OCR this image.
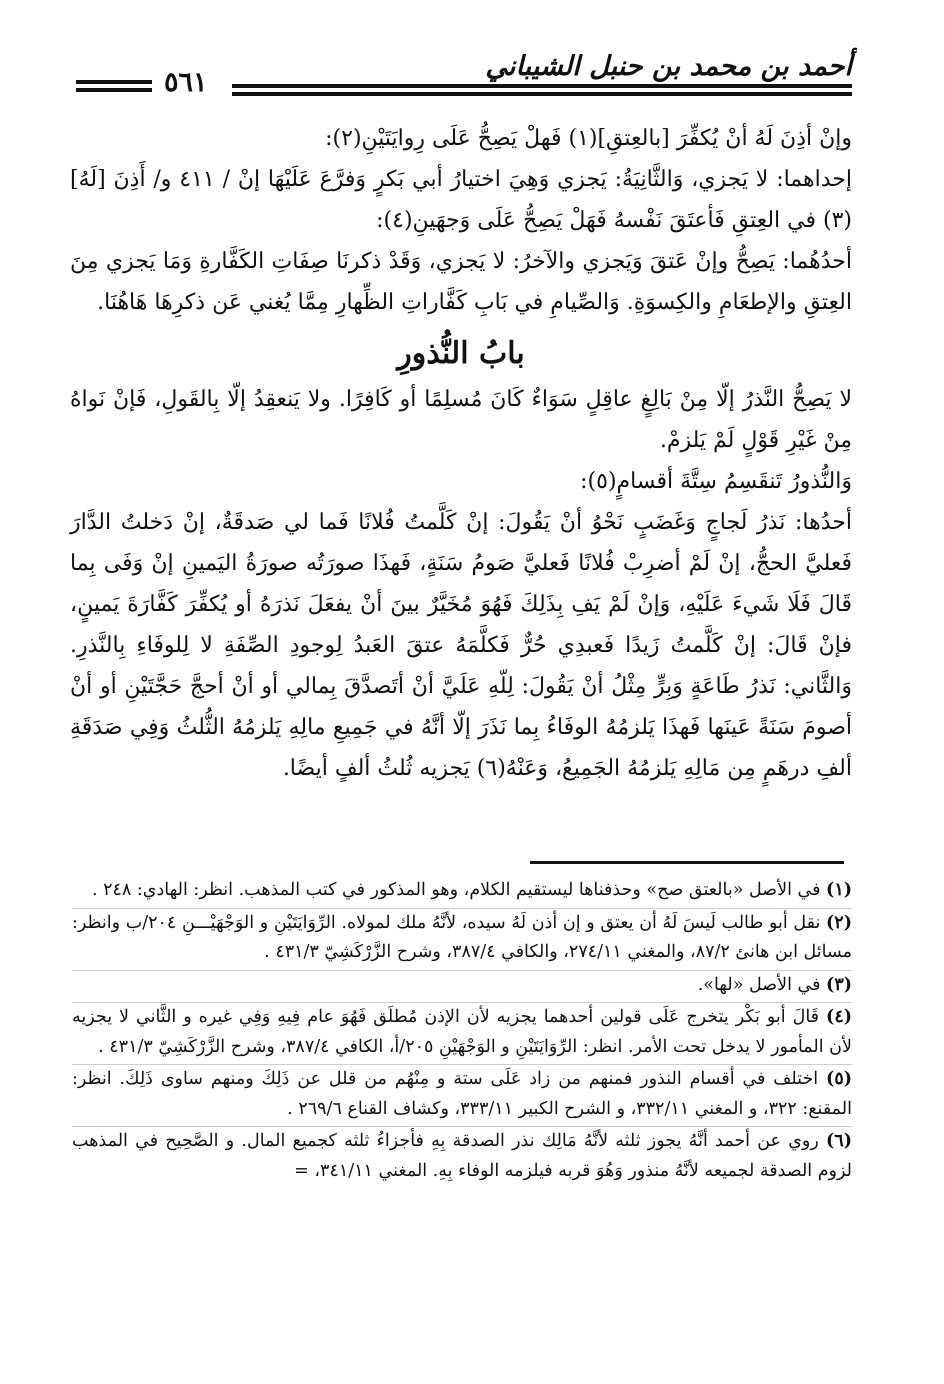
أحمد بن محمد بن حنبل الشيباني
٥٦١

وإنْ أذِنَ لَهُ أنْ يُكفِّرَ [بالعِتقِ](١) فَهلْ يَصِحُّ عَلَى رِوايَتَيْنِ(٢):

إحداهما: لا يَجزي، وَالثَّانِيَةُ: يَجزي وَهِيَ اختيارُ أبي بَكرٍ وَفرَّعَ عَلَيْهَا إنْ / ٤١١ و/ أَذِنَ [لَهُ](٣) في العِتقِ فَأعتَقَ نَفْسهُ فَهَلْ يَصِحُّ عَلَى وَجهَينِ(٤):

أحدُهُما: يَصِحُّ وإنْ عَتقَ وَيَجزي والآخرُ: لا يَجزي، وَقَدْ ذكرنَا صِفَاتِ الكَفَّارةِ وَمَا يَجزي مِنَ العِتقِ والإطعَامِ والكِسوَةِ. وَالصِّيامِ في بَابِ كَفَّاراتِ الظِّهارِ مِمَّا يُغني عَن ذكرِهَا هَاهُنَا.

بابُ النُّذورِ

لا يَصِحُّ النَّذرُ إلّا مِنْ بَالِغٍ عاقِلٍ سَوَاءٌ كَانَ مُسلِمًا أو كَافِرًا. ولا يَنعقِدُ إلّا بِالقَولِ، فَإنْ نَواهُ مِنْ غَيْرِ قَوْلٍ لَمْ يَلزمْ.

وَالنُّذورُ تَنقَسِمُ سِتَّةَ أقسامٍ(٥):

أحدُها: نَذرُ لَجاجٍ وَغَضَبٍ نَحْوُ أنْ يَقُولَ: إنْ كَلَّمتُ فُلانًا فَما لي صَدقَةٌ، إنْ دَخلتُ الدَّارَ فَعليَّ الحجُّ، إنْ لَمْ أضرِبْ فُلانًا فَعليَّ صَومُ سَنَةٍ، فَهذَا صورَتُه صورَةُ اليَمينِ إنْ وَفَى بِما قَالَ فَلَا شَيءَ عَلَيْهِ، وَإنْ لَمْ يَفِ بِذَلِكَ فَهُوَ مُخَيَّرٌ بينَ أنْ يفعَلَ نَذرَهُ أو يُكفِّرَ كَفَّارَةَ يَمينٍ، فإنْ قَالَ: إنْ كَلَّمتُ زَيدًا فَعبدِي حُرٌّ فَكلَّمَهُ عتقَ العَبدُ لِوجودِ الصِّفَةِ لا لِلوفَاءِ بِالنَّذرِ. وَالثَّاني: نَذرُ طَاعَةٍ وَبِرٍّ مِثْلُ أنْ يَقُولَ: لِلّهِ عَلَيَّ أنْ أتَصدَّقَ بِمالي أو أنْ أحجَّ حَجَّتَيْنِ أو أنْ أصومَ سَنَةً عَينَها فَهذَا يَلزمُهُ الوفَاءُ بِما نَذَرَ إلّا أنَّهُ في جَمِيعِ مالِهِ يَلزمُهُ الثُّلثُ وَفِي صَدَقَةِ ألفِ درهَمٍ مِن مَالِهِ يَلزمُهُ الجَمِيعُ، وَعَنْهُ(٦) يَجزيه ثُلثُ ألفٍ أيضًا.

(١) في الأصل «بالعتق صح» وحذفناها ليستقيم الكلام، وهو المذكور في كتب المذهب. انظر: الهادي: ٢٤٨ .

(٢) نقل أبو طالب لَيسَ لَهُ أن يعتق و إن أذن لَهُ سيده، لأنَّهُ ملك لمولاه. الرِّوَايَتَيْنِ و الوَجْهَيْـــنِ ٢٠٤/ب وانظر: مسائل ابن هانئ ٨٧/٢، والمغني ٢٧٤/١١، والكافي ٣٨٧/٤، وشرح الزَّرْكَشِيّ ٤٣١/٣ .

(٣) في الأصل «لها».

(٤) قَالَ أبو بَكْر يتخرج عَلَى قولين أحدهما يجزيه لأن الإذن مُطلَق فَهُوَ عام فِيهِ وَفِي غيره و الثَّاني لا يجزيه لأن المأمور لا يدخل تحت الأمر. انظر: الرِّوَايَتَيْنِ و الوَجْهَيْنِ ٢٠٥/أ، الكافي ٣٨٧/٤، وشرح الزَّرْكَشِيّ ٤٣١/٣ .

(٥) اختلف في أقسام النذور فمنهم من زاد عَلَى ستة و مِنْهُم من قلل عن ذَلِكَ ومنهم ساوى ذَلِكَ. انظر: المقنع: ٣٢٢، و المغني ٣٣٢/١١، و الشرح الكبير ٣٣٣/١١، وكشاف القناع ٢٦٩/٦ .

(٦) روي عن أحمد أنَّهُ يجوز ثلثه لأنَّهُ مَالِك نذر الصدقة بِهِ فأجزاءُ ثلثه كجميع المال. و الصَّحِيح في المذهب لزوم الصدقة لجميعه لأنَّهُ منذور وَهُوَ قربه فيلزمه الوفاء بِهِ. المغني ٣٤١/١١، =
